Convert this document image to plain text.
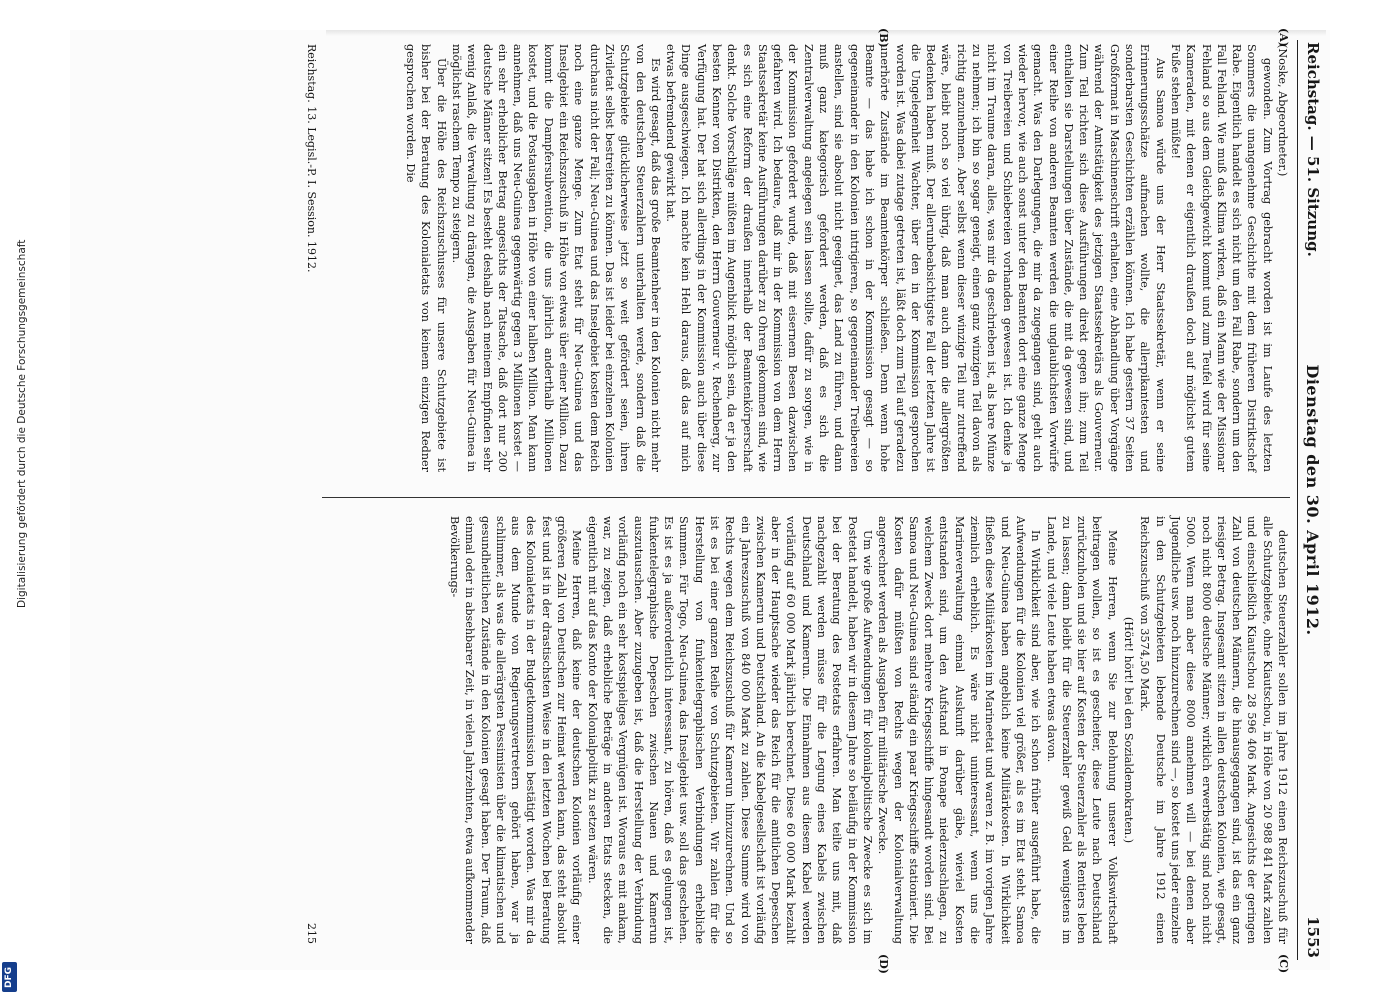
Digitalisierung gefördert durch die Deutsche Forschungsgemeinschaft
DFG
Reichstag. — 51. Sitzung.
Dienstag den 30. April 1912.
1553
(A)
(B)
(C)
(D)

(Noske, Abgeordneter.)

gewonden. Zum Vortrag gebracht worden ist im Laufe des letzten Sommers die unangenehme Geschichte mit dem früheren Distriktschef Rabe. Eigentlich handelt es sich nicht um den Fall Rabe, sondern um den Fall Fehland. Wie muß das Klima wirken, daß ein Mann wie der Missionar Fehland so aus dem Gleichgewicht kommt und zum Teufel wird für seine Kameraden, mit denen er eigentlich draußen doch auf möglichst gutem Fuße stehen müßte!

Aus Samoa würde uns der Herr Staatssekretär, wenn er seine Erinnerungsschätze aufmachen wollte, die allerpikantesten und sonderbarsten Geschichten erzählen können. Ich habe gestern 37 Seiten Großformat in Maschinenschrift erhalten, eine Abhandlung über Vorgänge während der Amtstätigkeit des jetzigen Staatssekretärs als Gouverneur. Zum Teil richten sich diese Ausführungen direkt gegen ihn; zum Teil enthalten sie Darstellungen über Zustände, die mit da gewesen sind, und einer Reihe von anderen Beamten werden die unglaublichsten Vorwürfe gemacht. Was den Darlegungen, die mir da zugegangen sind, geht auch wieder hervor, wie auch sonst unter den Beamten dort eine ganze Menge von Treibereien und Schiebereien vorhanden gewesen ist. Ich denke ja nicht im Traume daran, alles, was mir da geschrieben ist, als bare Münze zu nehmen; ich bin so sogar geneigt, einen ganz winzigen Teil davon als richtig anzunehmen. Aber selbst wenn dieser winzige Teil nur zutreffend wäre, bleibt noch so viel übrig, daß man auch dann die allergrößten Bedenken haben muß. Der allerunbeabsichtigste Fall der letzten Jahre ist die Ungelegenheit Wachter, über den in der Kommission gesprochen worden ist. Was dabei zutage getreten ist, läßt doch zum Teil auf geradezu unerhörte Zustände im Beamtenkörper schließen. Denn wenn hohe Beamte — das habe ich schon in der Kommission gesagt — so gegeneinander in den Kolonien intrigieren, so gegeneinander Treibereien anstellen, sind sie absolut nicht geeignet, das Land zu führen, und dann muß ganz kategorisch gefordert werden, daß es sich die Zentralverwaltung angelegen sein lassen sollte, dafür zu sorgen, wie in der Kommission gefordert wurde, daß mit eisernem Besen dazwischen gefahren wird. Ich bedaure, daß mir in der Kommission von dem Herrn Staatssekretär keine Ausführungen darüber zu Ohren gekommen sind, wie es sich eine Reform der draußen innerhalb der Beamtenkörperschaft denkt. Solche Vorschläge müßten im Augenblick möglich sein, da er ja den besten Kenner von Distrikten, den Herrn Gouverneur v. Rechenberg, zur Verfügung hat. Der hat sich allerdings in der Kommission auch über diese Dinge ausgeschwiegen. Ich machte kein Hehl daraus, daß das auf mich etwas befremdend gewirkt hat.

Es wird gesagt, daß das große Beamtenheer in den Kolonien nicht mehr von den deutschen Steuerzahlern unterhalten werde, sondern daß die Schutzgebiete glücklicherweise jetzt so weit gefördert seien, ihren Ziviletat selbst bestreiten zu können. Das ist leider bei einzelnen Kolonien durchaus nicht der Fall; Neu-Guinea und das Inselgebiet kosten dem Reich noch eine ganze Menge. Zum Etat steht für Neu-Guinea und das Inselgebiet ein Reichszuschuß in Höhe von etwas über einer Million. Dazu kommt die Dampfersubvention, die uns jährlich anderthalb Millionen kostet, und die Postausgaben in Höhe von einer halben Million. Man kann annehmen, daß uns Neu-Guinea gegenwärtig gegen 3 Millionen kostet — ein sehr erheblicher Betrag angesichts der Tatsache, daß dort nur 200 deutsche Männer sitzen! Es besteht deshalb nach meinem Empfinden sehr wenig Anlaß, die Verwaltung zu drängen, die Ausgaben für Neu-Guinea in möglichst raschem Tempo zu steigern.

Über die Höhe des Reichszuschusses für unsere Schutzgebiete ist bisher bei der Beratung des Kolonialetats von keinem einzigen Redner gesprochen worden. Die

deutschen Steuerzahler sollen im Jahre 1912 einen Reichszuschuß für alle Schutzgebiete, ohne Kiautschou, in Höhe von 20 988 841 Mark zahlen und einschließlich Kiautschou 28 596 406 Mark. Angesichts der geringen Zahl von deutschen Männern, die hinausgegangen sind, ist das ein ganz riesiger Betrag. Insgesamt sitzen in allen deutschen Kolonien, wie gesagt, noch nicht 8000 deutsche Männer; wirklich erwerbstätig sind noch nicht 5000. Wenn man aber diese 8000 annehmen will — bei denen aber Jugendliche usw. noch hinzuzurechnen sind —, so kostet uns jeder einzelne in den Schutzgebieten lebende Deutsche im Jahre 1912 einen Reichszuschuß von 3574,50 Mark.

(Hört! hört! bei den Sozialdemokraten.)

Meine Herren, wenn Sie zur Belohnung unserer Volkswirtschaft beitragen wollen, so ist es gescheiter, diese Leute nach Deutschland zurückzuholen und sie hier auf Kosten der Steuerzahler als Rentiers leben zu lassen; dann bleibt für die Steuerzahler gewiß Geld wenigstens im Lande, und viele Leute haben etwas davon.

In Wirklichkeit sind aber, wie ich schon früher ausgeführt habe, die Aufwendungen für die Kolonien viel größer, als es im Etat steht. Samoa und Neu-Guinea haben angeblich keine Militärkosten. In Wirklichkeit fließen diese Militärkosten im Marineetat und waren z. B. im vorigen Jahre ziemlich erheblich. Es wäre nicht uninteressant, wenn uns die Marineverwaltung einmal Auskunft darüber gäbe, wieviel Kosten entstanden sind, um den Aufstand in Ponape niederzuschlagen, zu welchem Zweck dort mehrere Kriegsschiffe hingesandt worden sind. Bei Samoa und Neu-Guinea sind ständig ein paar Kriegsschiffe stationiert. Die Kosten dafür müßten von Rechts wegen der Kolonialverwaltung angerechnet werden als Ausgaben für militärische Zwecke.

Um wie große Aufwendungen für kolonialpolitische Zwecke es sich im Postetat handelt, haben wir in diesem Jahre so beiläufig in der Kommission bei der Beratung des Postetats erfahren. Man teilte uns mit, daß nachgezahlt werden müsse für die Legung eines Kabels zwischen Deutschland und Kamerun. Die Einnahmen aus diesem Kabel werden vorläufig auf 60 000 Mark jährlich berechnet. Diese 60 000 Mark bezahlt aber in der Hauptsache wieder das Reich für die amtlichen Depeschen zwischen Kamerun und Deutschland. An die Kabelgesellschaft ist vorläufig ein Jahreszuschuß von 840 000 Mark zu zahlen. Diese Summe wird von Rechts wegen dem Reichszuschuß für Kamerun hinzuzurechnen. Und so ist es bei einer ganzen Reihe von Schutzgebieten. Wir zahlen für die Herstellung von funkentelegraphischen Verbindungen erhebliche Summen. Für Togo, Neu-Guinea, das Inselgebiet usw. soll das geschehen. Es ist es ja außerordentlich interessant, zu hören, daß es gelungen ist, funkentelegraphische Depeschen zwischen Nauen und Kamerun auszutauschen. Aber zuzugeben ist, daß die Herstellung der Verbindung vorläufig noch ein sehr kostspieliges Vergnügen ist. Woraus es mit ankam, war, zu zeigen, daß erhebliche Beträge in anderen Etats stecken, die eigentlich mit auf das Konto der Kolonialpolitik zu setzen wären.

Meine Herren, daß keine der deutschen Kolonien vorläufig einer größeren Zahl von Deutschen zur Heimat werden kann, das steht absolut fest und ist in der drastischsten Weise in den letzten Wochen bei Beratung des Kolonialetats in der Budgetkommission bestätigt worden. Was mir da aus dem Munde von Regierungsvertretern gehört haben, war ja schlimmer, als was die allerärgsten Pessimisten über die klimatischen und gesundheitlichen Zustände in den Kolonien gesagt haben. Der Traum, daß einmal oder in absehbarer Zeit, in vielen Jahrzehnten, etwa aufkommender Bevölkerungs-

Reichstag. 13. Legisl.-P. I. Session. 1912.
215
